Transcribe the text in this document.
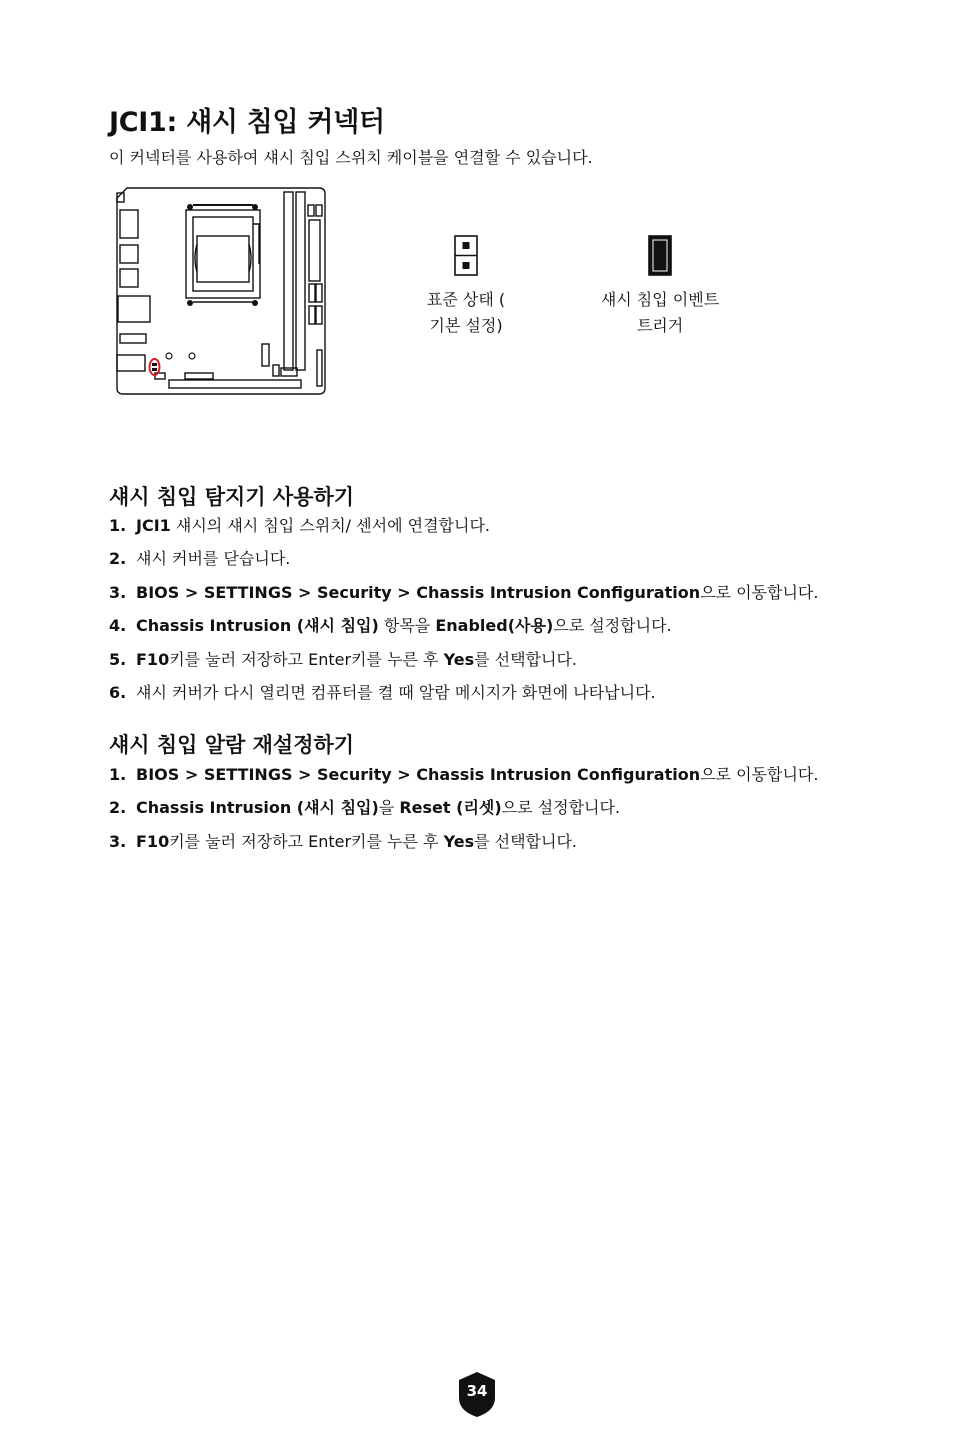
JCI1: 섀시 침입 커넥터

이 커넥터를 사용하여 섀시 침입 스위치 케이블을 연결할 수 있습니다.

표준 상태 (
기본 설정)
섀시 침입 이벤트
트리거
섀시 침입 탐지기 사용하기
1. JCI1 섀시의 섀시 침입 스위치/ 센서에 연결합니다.
2. 섀시 커버를 닫습니다.
3. BIOS > SETTINGS > Security > Chassis Intrusion Configuration으로 이동합니다.
4. Chassis Intrusion (섀시 침입) 항목을 Enabled(사용)으로 설정합니다.
5. F10키를 눌러 저장하고 Enter키를 누른 후 Yes를 선택합니다.
6. 섀시 커버가 다시 열리면 컴퓨터를 켤 때 알람 메시지가 화면에 나타납니다.
섀시 침입 알람 재설정하기
1. BIOS > SETTINGS > Security > Chassis Intrusion Configuration으로 이동합니다.
2. Chassis Intrusion (섀시 침입)을 Reset (리셋)으로 설정합니다.
3. F10키를 눌러 저장하고 Enter키를 누른 후 Yes를 선택합니다.
34
